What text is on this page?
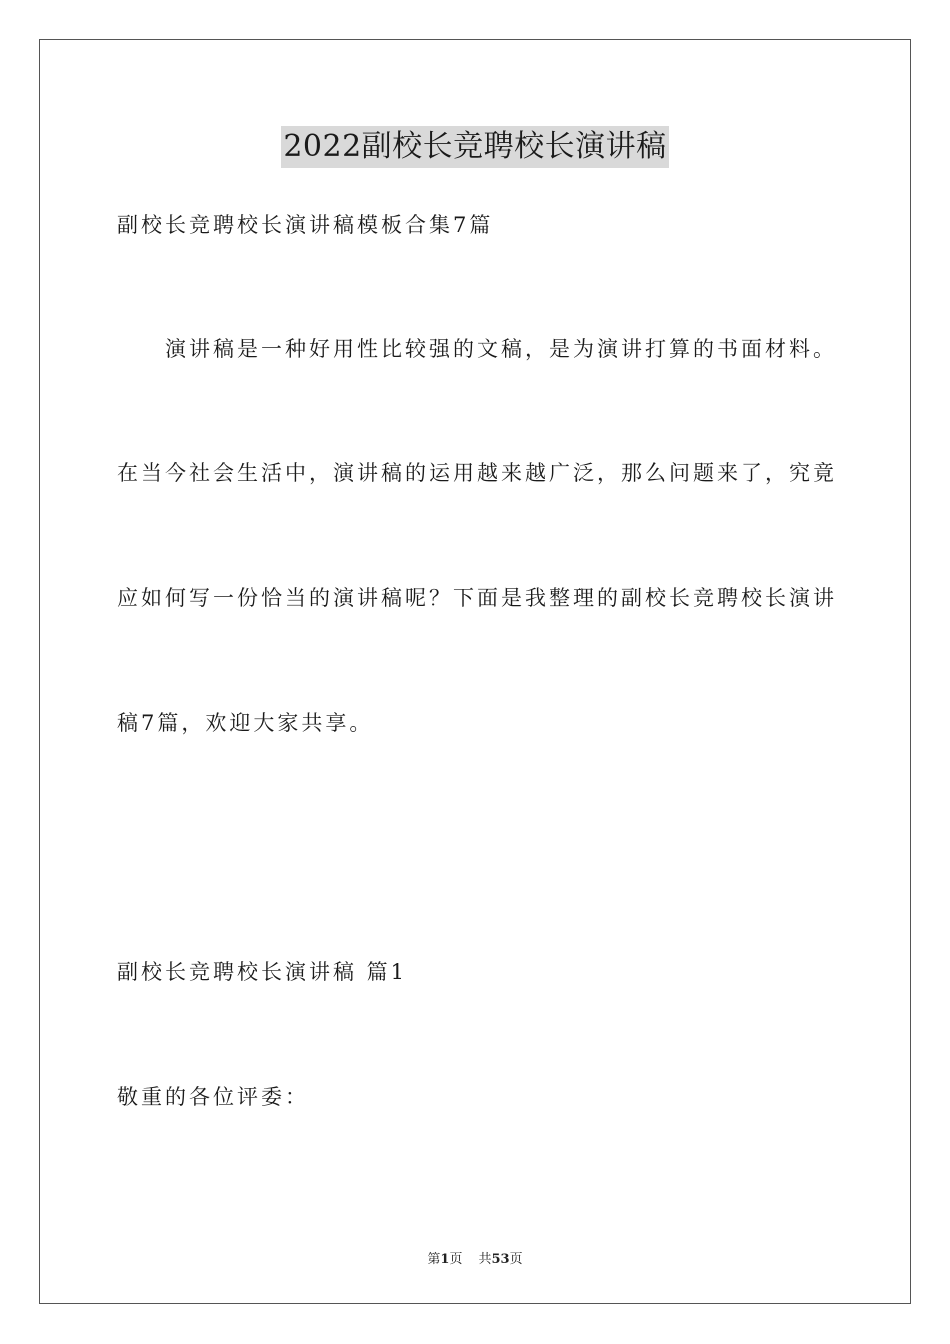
2022副校长竞聘校长演讲稿
副校长竞聘校长演讲稿模板合集7篇
演讲稿是一种好用性比较强的文稿，是为演讲打算的书面材料。
在当今社会生活中，演讲稿的运用越来越广泛，那么问题来了，究竟
应如何写一份恰当的演讲稿呢？下面是我整理的副校长竞聘校长演讲
稿7篇，欢迎大家共享。
副校长竞聘校长演讲稿 篇1
敬重的各位评委：
第1页 共53页
